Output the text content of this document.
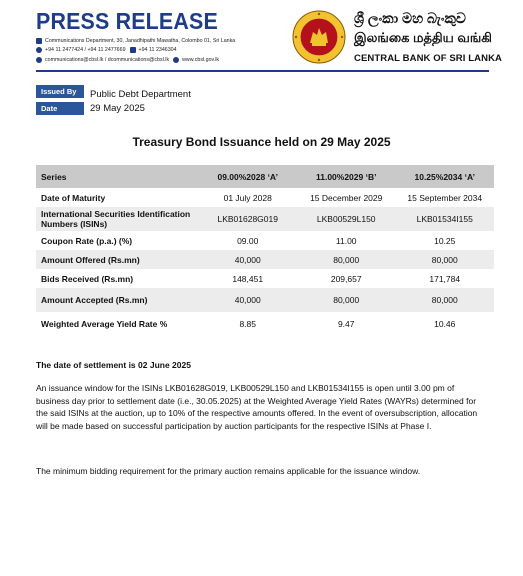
PRESS RELEASE
Communications Department, 30, Janadhipathi Mawatha, Colombo 01, Sri Lanka
+94 11 2477424 / +94 11 2477669 +94 11 2346304
communications@cbsl.lk / dcommunications@cbsl.lk www.cbsl.gov.lk
ශ්‍රී ලංකා මහ බැංකුව
இலங்கை மத்திய வங்கி
CENTRAL BANK OF SRI LANKA
Issued By	Public Debt Department
Date	29 May 2025
Treasury Bond Issuance held on 29 May 2025
Series	09.00%2028 ‘A’	11.00%2029 ‘B’	10.25%2034 ‘A’
Date of Maturity	01 July 2028	15 December 2029	15 September 2034
International Securities Identification Numbers (ISINs)	LKB01628G019	LKB00529L150	LKB01534I155
Coupon Rate (p.a.) (%)	09.00	11.00	10.25
Amount Offered (Rs.mn)	40,000	80,000	80,000
Bids Received (Rs.mn)	148,451	209,657	171,784
Amount Accepted (Rs.mn)	40,000	80,000	80,000
Weighted Average Yield Rate %	8.85	9.47	10.46
The date of settlement is 02 June 2025
An issuance window for the ISINs LKB01628G019, LKB00529L150 and LKB01534I155 is open until 3.00 pm of business day prior to settlement date (i.e., 30.05.2025) at the Weighted Average Yield Rates (WAYRs) determined for the said ISINs at the auction, up to 10% of the respective amounts offered. In the event of oversubscription, allocation will be made based on successful participation by auction participants for the respective ISINs at Phase I.
The minimum bidding requirement for the primary auction remains applicable for the issuance window.
